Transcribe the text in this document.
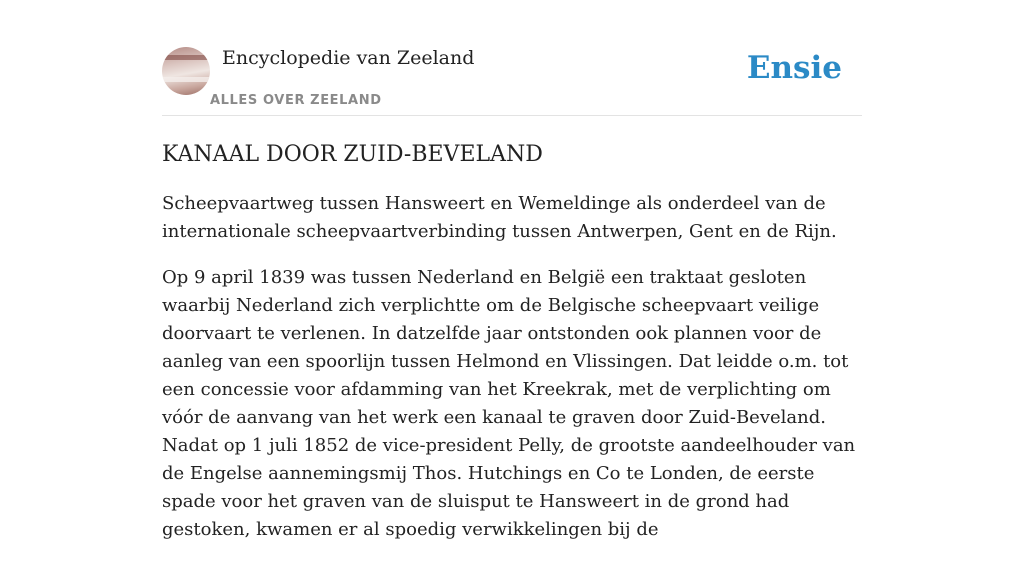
Encyclopedie van Zeeland
ALLES OVER ZEELAND
Ensie
KANAAL DOOR ZUID-BEVELAND

Scheepvaartweg tussen Hansweert en Wemeldinge als onderdeel van de internationale scheepvaartverbinding tussen Antwerpen, Gent en de Rijn.

Op 9 april 1839 was tussen Nederland en België een traktaat gesloten waarbij Nederland zich verplichtte om de Belgische scheepvaart veilige doorvaart te verlenen. In datzelfde jaar ontstonden ook plannen voor de aanleg van een spoorlijn tussen Helmond en Vlissingen. Dat leidde o.m. tot een concessie voor afdamming van het Kreekrak, met de verplichting om vóór de aanvang van het werk een kanaal te graven door Zuid-Beveland. Nadat op 1 juli 1852 de vice-president Pelly, de grootste aandeelhouder van de Engelse aannemingsmij Thos. Hutchings en Co te Londen, de eerste spade voor het graven van de sluisput te Hansweert in de grond had gestoken, kwamen er al spoedig verwikkelingen bij de
